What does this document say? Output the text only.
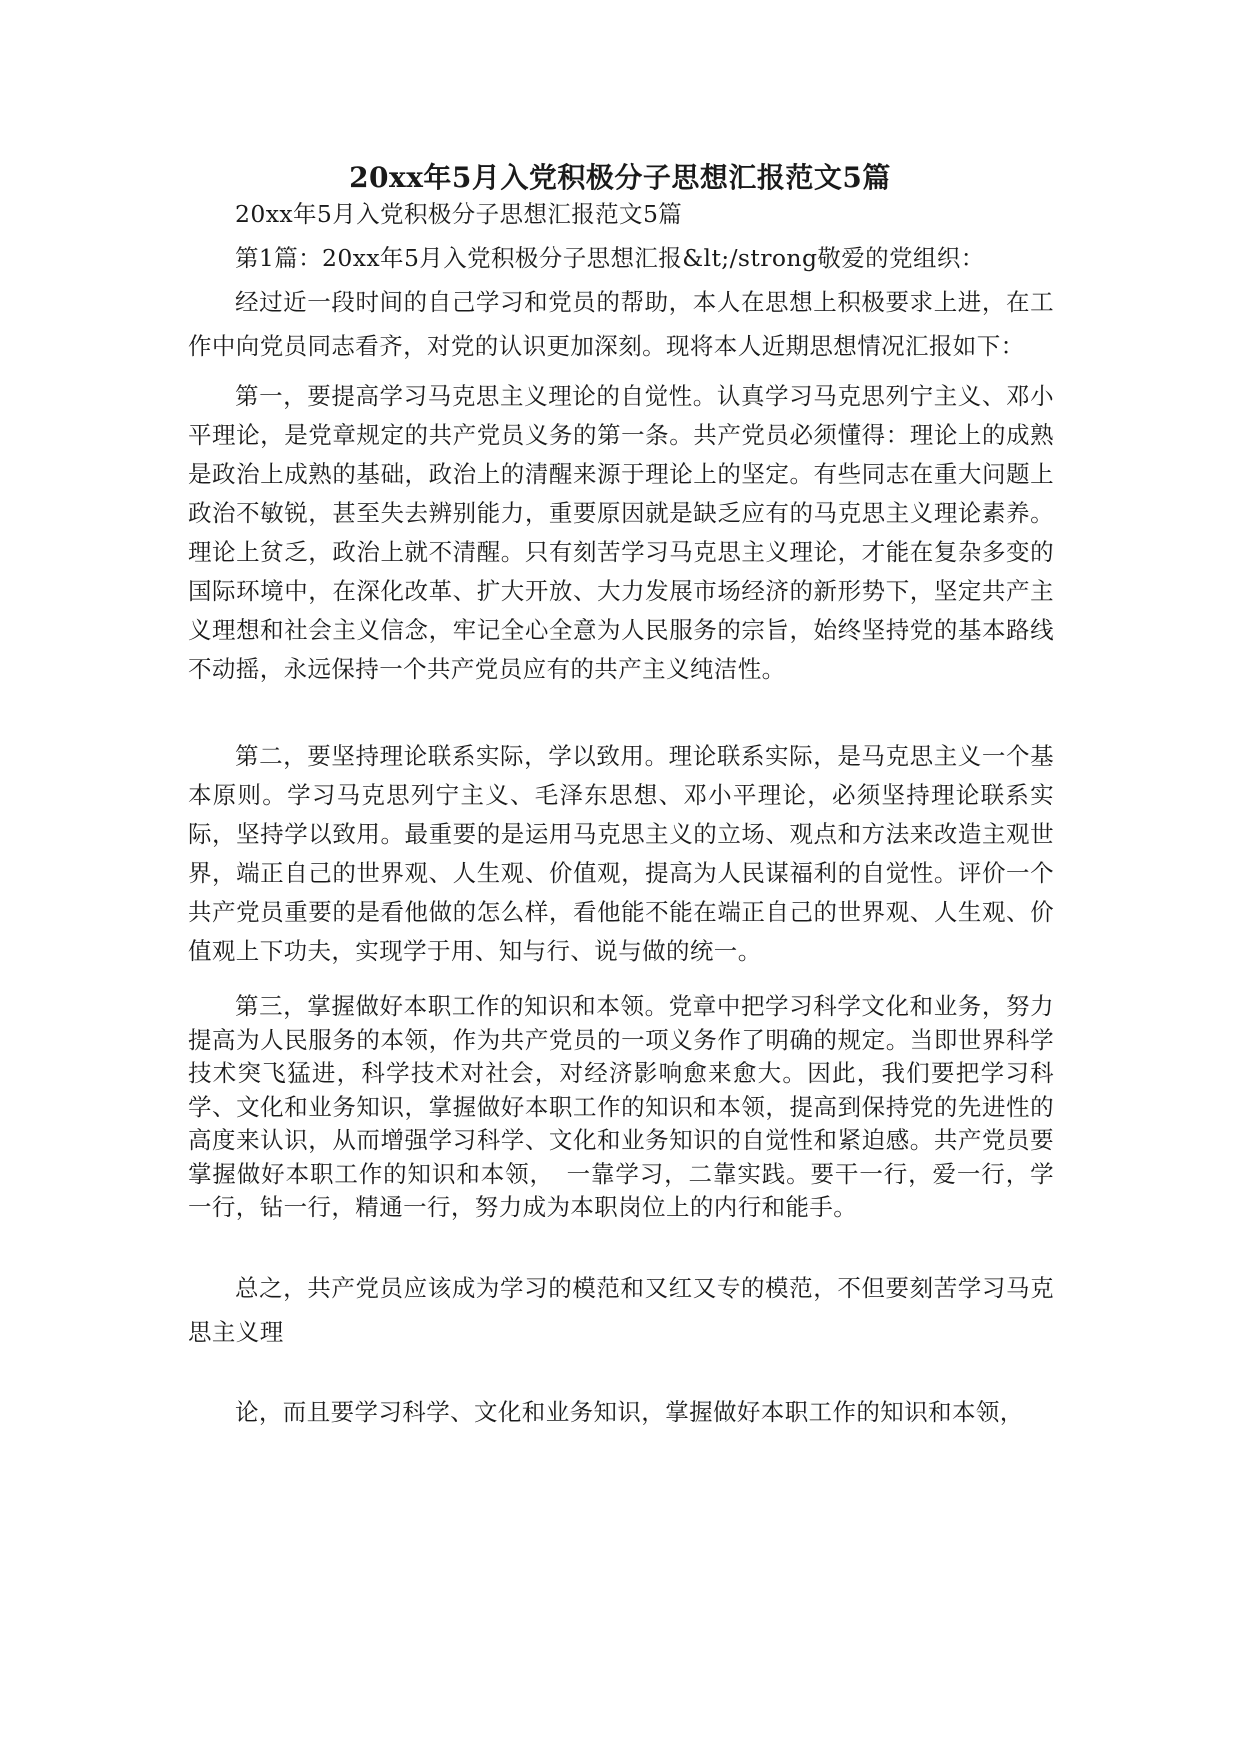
20xx年5月入党积极分子思想汇报范文5篇

20xx年5月入党积极分子思想汇报范文5篇

第1篇：20xx年5月入党积极分子思想汇报&lt;/strong敬爱的党组织：

经过近一段时间的自己学习和党员的帮助，本人在思想上积极要求上进，在工作中向党员同志看齐，对党的认识更加深刻。现将本人近期思想情况汇报如下：

第一，要提高学习马克思主义理论的自觉性。认真学习马克思列宁主义、邓小平理论，是党章规定的共产党员义务的第一条。共产党员必须懂得：理论上的成熟是政治上成熟的基础，政治上的清醒来源于理论上的坚定。有些同志在重大问题上政治不敏锐，甚至失去辨别能力，重要原因就是缺乏应有的马克思主义理论素养。理论上贫乏，政治上就不清醒。只有刻苦学习马克思主义理论，才能在复杂多变的国际环境中，在深化改革、扩大开放、大力发展市场经济的新形势下，坚定共产主义理想和社会主义信念，牢记全心全意为人民服务的宗旨，始终坚持党的基本路线不动摇，永远保持一个共产党员应有的共产主义纯洁性。

第二，要坚持理论联系实际，学以致用。理论联系实际，是马克思主义一个基本原则。学习马克思列宁主义、毛泽东思想、邓小平理论，必须坚持理论联系实际，坚持学以致用。最重要的是运用马克思主义的立场、观点和方法来改造主观世界，端正自己的世界观、人生观、价值观，提高为人民谋福利的自觉性。评价一个共产党员重要的是看他做的怎么样，看他能不能在端正自己的世界观、人生观、价值观上下功夫，实现学于用、知与行、说与做的统一。

第三，掌握做好本职工作的知识和本领。党章中把学习科学文化和业务，努力提高为人民服务的本领，作为共产党员的一项义务作了明确的规定。当即世界科学技术突飞猛进，科学技术对社会，对经济影响愈来愈大。因此，我们要把学习科学、文化和业务知识，掌握做好本职工作的知识和本领，提高到保持党的先进性的高度来认识，从而增强学习科学、文化和业务知识的自觉性和紧迫感。共产党员要掌握做好本职工作的知识和本领，　一靠学习，二靠实践。要干一行，爱一行，学一行，钻一行，精通一行，努力成为本职岗位上的内行和能手。

总之，共产党员应该成为学习的模范和又红又专的模范，不但要刻苦学习马克思主义理

论，而且要学习科学、文化和业务知识，掌握做好本职工作的知识和本领，
